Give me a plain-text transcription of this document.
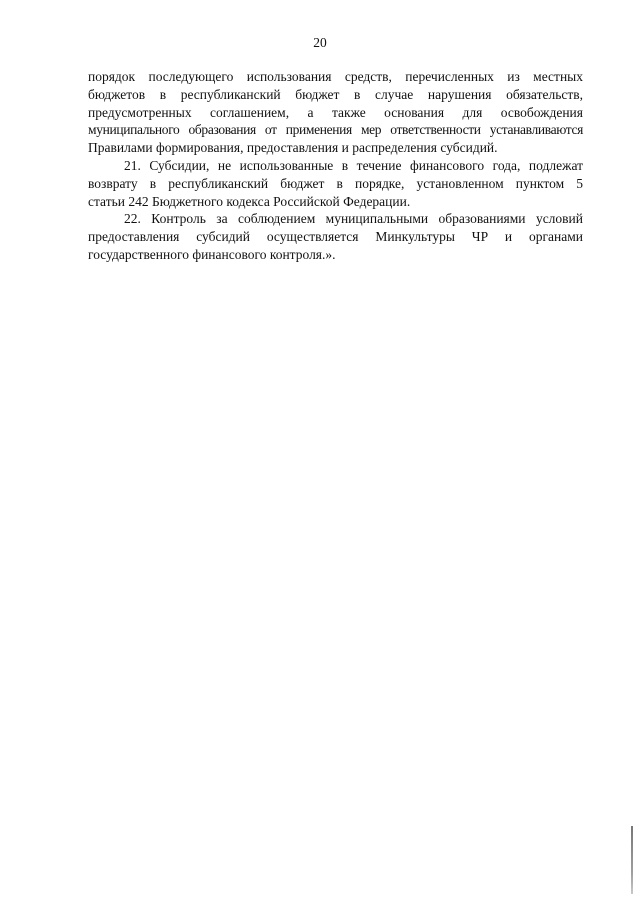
20
порядок последующего использования средств, перечисленных из местных
бюджетов в республиканский бюджет в случае нарушения обязательств,
предусмотренных соглашением, а также основания для освобождения
муниципального образования от применения мер ответственности устанавливаются
Правилами формирования, предоставления и распределения субсидий.
21. Субсидии, не использованные в течение финансового года, подлежат
возврату в республиканский бюджет в порядке, установленном пунктом 5
статьи 242 Бюджетного кодекса Российской Федерации.
22. Контроль за соблюдением муниципальными образованиями условий
предоставления субсидий осуществляется Минкультуры ЧР и органами
государственного финансового контроля.».
